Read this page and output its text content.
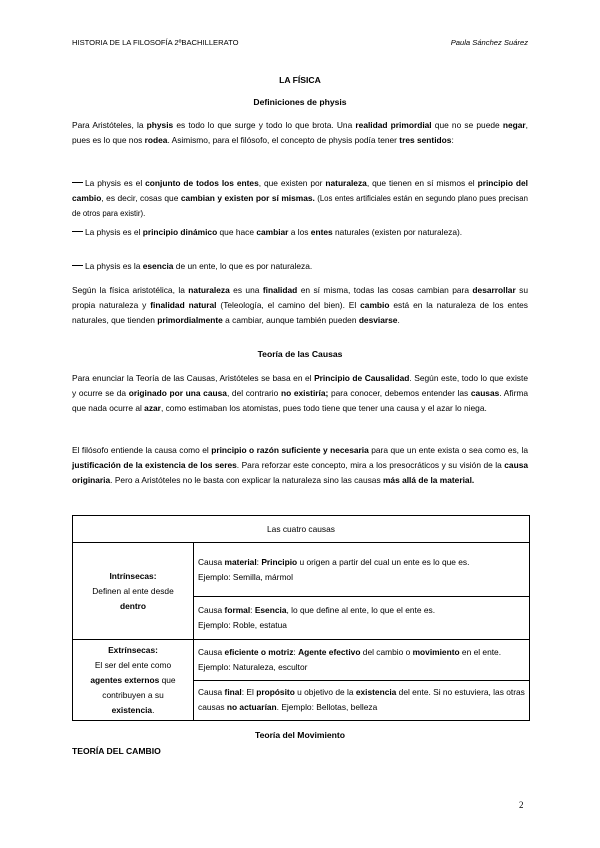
HISTORIA DE LA FILOSOFÍA 2ºBACHILLERATO	Paula Sánchez Suárez
LA FÍSICA
Definiciones de physis
Para Aristóteles, la physis es todo lo que surge y todo lo que brota. Una realidad primordial que no se puede negar, pues es lo que nos rodea. Asimismo, para el filósofo, el concepto de physis podía tener tres sentidos:
La physis es el conjunto de todos los entes, que existen por naturaleza, que tienen en sí mismos el principio del cambio, es decir, cosas que cambian y existen por sí mismas. (Los entes artificiales están en segundo plano pues precisan de otros para existir).
La physis es el principio dinámico que hace cambiar a los entes naturales (existen por naturaleza).
La physis es la esencia de un ente, lo que es por naturaleza.
Según la física aristotélica, la naturaleza es una finalidad en sí misma, todas las cosas cambian para desarrollar su propia naturaleza y finalidad natural (Teleología, el camino del bien). El cambio está en la naturaleza de los entes naturales, que tienden primordialmente a cambiar, aunque también pueden desviarse.
Teoría de las Causas
Para enunciar la Teoría de las Causas, Aristóteles se basa en el Principio de Causalidad. Según este, todo lo que existe y ocurre se da originado por una causa, del contrario no existiría; para conocer, debemos entender las causas. Afirma que nada ocurre al azar, como estimaban los atomistas, pues todo tiene que tener una causa y el azar lo niega.
El filósofo entiende la causa como el principio o razón suficiente y necesaria para que un ente exista o sea como es, la justificación de la existencia de los seres. Para reforzar este concepto, mira a los presocráticos y su visión de la causa originaria. Pero a Aristóteles no le basta con explicar la naturaleza sino las causas más allá de la material.
Las cuatro causas	
Intrínsecas:
Definen al ente desde
dentro	Causa material: Principio u origen a partir del cual un ente es lo que es.
Ejemplo: Semilla, mármol
	Causa formal: Esencia, lo que define al ente, lo que el ente es.
Ejemplo: Roble, estatua
Extrínsecas:
El ser del ente como
agentes externos que
contribuyen a su
existencia.	Causa eficiente o motriz: Agente efectivo del cambio o movimiento en el ente. Ejemplo: Naturaleza, escultor
	Causa final: El propósito u objetivo de la existencia del ente. Si no estuviera, las otras causas no actuarían. Ejemplo: Bellotas, belleza
Teoría del Movimiento
TEORÍA DEL CAMBIO
2
